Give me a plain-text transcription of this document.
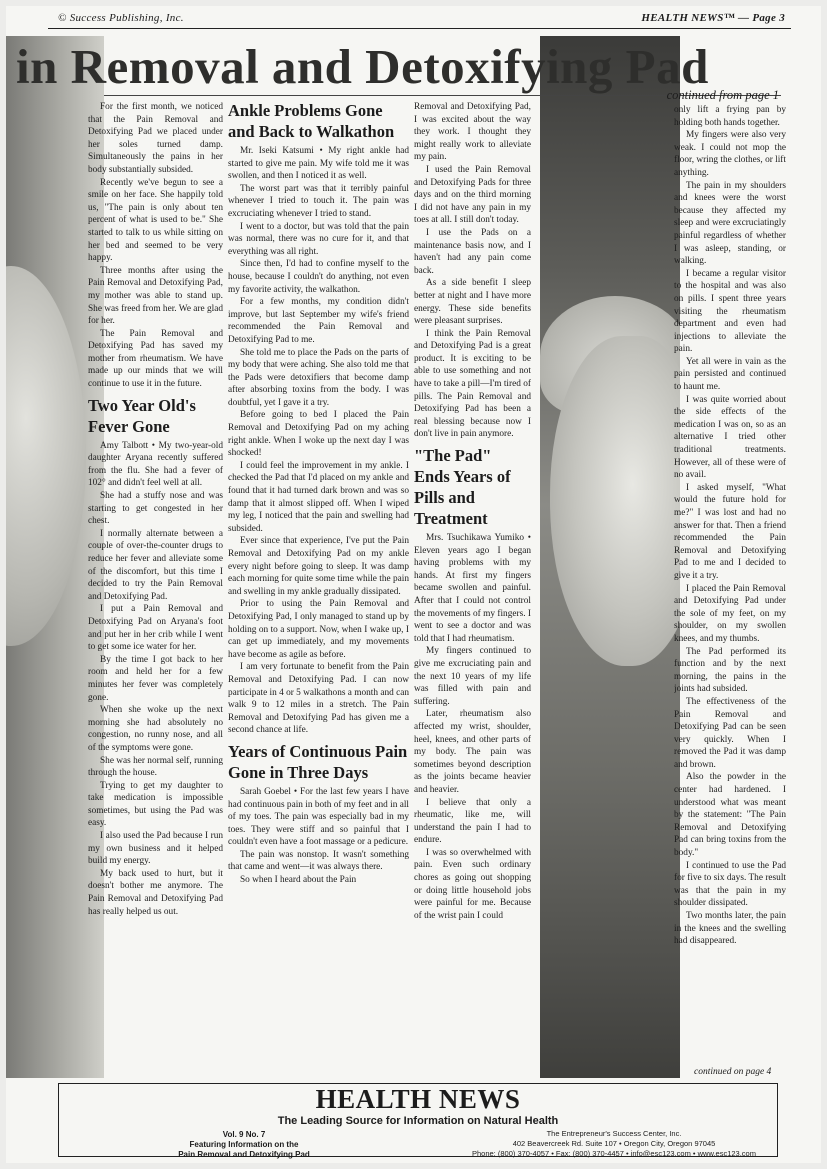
© Success Publishing, Inc.	HEALTH NEWS™ — Page 3
in Removal and Detoxifying Pad
continued from page 1

For the first month, we noticed that the Pain Removal and Detoxifying Pad we placed under her soles turned damp. Simultaneously the pains in her body substantially subsided.

Recently we've begun to see a smile on her face. She happily told us, "The pain is only about ten percent of what is used to be." She started to talk to us while sitting on her bed and seemed to be very happy.

Three months after using the Pain Removal and Detoxifying Pad, my mother was able to stand up. She was freed from her. We are glad for her.

The Pain Removal and Detoxifying Pad has saved my mother from rheumatism. We have made up our minds that we will continue to use it in the future.

Two Year Old's Fever Gone

Amy Talbott • My two-year-old daughter Aryana recently suffered from the flu. She had a fever of 102° and didn't feel well at all.

She had a stuffy nose and was starting to get congested in her chest.

I normally alternate between a couple of over-the-counter drugs to reduce her fever and alleviate some of the discomfort, but this time I decided to try the Pain Removal and Detoxifying Pad.

I put a Pain Removal and Detoxifying Pad on Aryana's foot and put her in her crib while I went to get some ice water for her.

By the time I got back to her room and held her for a few minutes her fever was completely gone.

When she woke up the next morning she had absolutely no congestion, no runny nose, and all of the symptoms were gone.

She was her normal self, running through the house.

Trying to get my daughter to take medication is impossible sometimes, but using the Pad was easy.

I also used the Pad because I run my own business and it helped build my energy.

My back used to hurt, but it doesn't bother me anymore. The Pain Removal and Detoxifying Pad has really helped us out.

Ankle Problems Gone and Back to Walkathon

Mr. Iseki Katsumi • My right ankle had started to give me pain. My wife told me it was swollen, and then I noticed it as well.

The worst part was that it terribly painful whenever I tried to touch it. The pain was excruciating whenever I tried to stand.

I went to a doctor, but was told that the pain was normal, there was no cure for it, and that everything was all right.

Since then, I'd had to confine myself to the house, because I couldn't do anything, not even my favorite activity, the walkathon.

For a few months, my condition didn't improve, but last September my wife's friend recommended the Pain Removal and Detoxifying Pad to me.

She told me to place the Pads on the parts of my body that were aching. She also told me that the Pads were detoxifiers that become damp after absorbing toxins from the body. I was doubtful, yet I gave it a try.

Before going to bed I placed the Pain Removal and Detoxifying Pad on my aching right ankle. When I woke up the next day I was shocked!

I could feel the improvement in my ankle. I checked the Pad that I'd placed on my ankle and found that it had turned dark brown and was so damp that it almost slipped off. When I wiped my leg, I noticed that the pain and swelling had subsided.

Ever since that experience, I've put the Pain Removal and Detoxifying Pad on my ankle every night before going to sleep. It was damp each morning for quite some time while the pain and swelling in my ankle gradually dissipated.

Prior to using the Pain Removal and Detoxifying Pad, I only managed to stand up by holding on to a support. Now, when I wake up, I can get up immediately, and my movements have become as agile as before.

I am very fortunate to benefit from the Pain Removal and Detoxifying Pad. I can now participate in 4 or 5 walkathons a month and can walk 9 to 12 miles in a stretch. The Pain Removal and Detoxifying Pad has given me a second chance at life.

Years of Continuous Pain Gone in Three Days

Sarah Goebel • For the last few years I have had continuous pain in both of my feet and in all of my toes. The pain was especially bad in my toes. They were stiff and so painful that I couldn't even have a foot massage or a pedicure.

The pain was nonstop. It wasn't something that came and went—it was always there.

So when I heard about the Pain

Removal and Detoxifying Pad, I was excited about the way they work. I thought they might really work to alleviate my pain.

I used the Pain Removal and Detoxifying Pads for three days and on the third morning I did not have any pain in my toes at all. I still don't today.

I use the Pads on a maintenance basis now, and I haven't had any pain come back.

As a side benefit I sleep better at night and I have more energy. These side benefits were pleasant surprises.

I think the Pain Removal and Detoxifying Pad is a great product. It is exciting to be able to use something and not have to take a pill—I'm tired of pills. The Pain Removal and Detoxifying Pad has been a real blessing because now I don't live in pain anymore.

"The Pad" Ends Years of Pills and Treatment

Mrs. Tsuchikawa Yumiko • Eleven years ago I began having problems with my hands. At first my fingers became swollen and painful. After that I could not control the movements of my fingers. I went to see a doctor and was told that I had rheumatism.

My fingers continued to give me excruciating pain and the next 10 years of my life was filled with pain and suffering.

Later, rheumatism also affected my wrist, shoulder, heel, knees, and other parts of my body. The pain was sometimes beyond description as the joints became heavier and heavier.

I believe that only a rheumatic, like me, will understand the pain I had to endure.

I was so overwhelmed with pain. Even such ordinary chores as going out shopping or doing little household jobs were painful for me. Because of the wrist pain I could

only lift a frying pan by holding both hands together.

My fingers were also very weak. I could not mop the floor, wring the clothes, or lift anything.

The pain in my shoulders and knees were the worst because they affected my sleep and were excruciatingly painful regardless of whether I was asleep, standing, or walking.

I became a regular visitor to the hospital and was also on pills. I spent three years visiting the rheumatism department and even had injections to alleviate the pain.

Yet all were in vain as the pain persisted and continued to haunt me.

I was quite worried about the side effects of the medication I was on, so as an alternative I tried other traditional treatments. However, all of these were of no avail.

I asked myself, "What would the future hold for me?" I was lost and had no answer for that. Then a friend recommended the Pain Removal and Detoxifying Pad to me and I decided to give it a try.

I placed the Pain Removal and Detoxifying Pad under the sole of my feet, on my shoulder, on my swollen knees, and my thumbs.

The Pad performed its function and by the next morning, the pains in the joints had subsided.

The effectiveness of the Pain Removal and Detoxifying Pad can be seen very quickly. When I removed the Pad it was damp and brown.

Also the powder in the center had hardened. I understood what was meant by the statement: "The Pain Removal and Detoxifying Pad can bring toxins from the body."

I continued to use the Pad for five to six days. The result was that the pain in my shoulder dissipated.

Two months later, the pain in the knees and the swelling had disappeared.

continued on page 4
HEALTH NEWS
The Leading Source for Information on Natural Health
Vol. 9 No. 7
Featuring Information on the
Pain Removal and Detoxifying Pad
The Entrepreneur's Success Center, Inc.
402 Beavercreek Rd. Suite 107 • Oregon City, Oregon 97045
Phone: (800) 370-4057 • Fax: (800) 370-4457 • info@esc123.com • www.esc123.com
